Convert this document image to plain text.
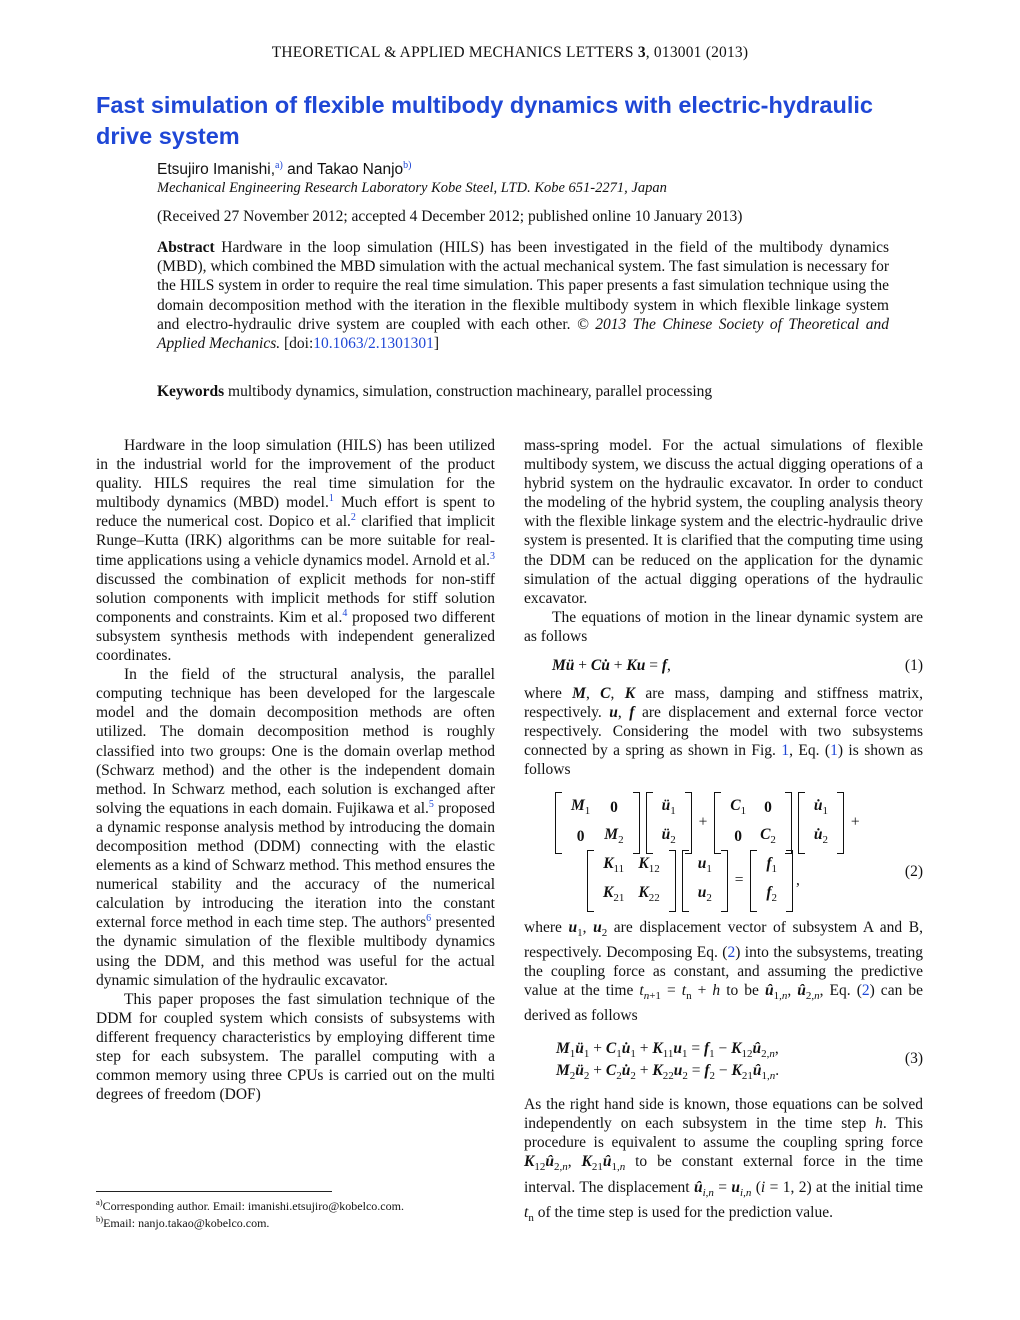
THEORETICAL & APPLIED MECHANICS LETTERS 3, 013001 (2013)
Fast simulation of flexible multibody dynamics with electric-hydraulic drive system
Etsujiro Imanishi,$^{a)}$ and Takao Nanjo$^{b)}$
Mechanical Engineering Research Laboratory Kobe Steel, LTD. Kobe 651-2271, Japan
(Received 27 November 2012; accepted 4 December 2012; published online 10 January 2013)
Abstract Hardware in the loop simulation (HILS) has been investigated in the field of the multibody dynamics (MBD), which combined the MBD simulation with the actual mechanical system. The fast simulation is necessary for the HILS system in order to require the real time simulation. This paper presents a fast simulation technique using the domain decomposition method with the iteration in the flexible multibody system in which flexible linkage system and electro-hydraulic drive system are coupled with each other. © 2013 The Chinese Society of Theoretical and Applied Mechanics. [doi:10.1063/2.1301301]
Keywords multibody dynamics, simulation, construction machineary, parallel processing

Hardware in the loop simulation (HILS) has been utilized in the industrial world for the improvement of the product quality. HILS requires the real time simulation for the multibody dynamics (MBD) model.$^1$ Much effort is spent to reduce the numerical cost. Dopico et al.$^2$ clarified that implicit Runge–Kutta (IRK) algorithms can be more suitable for real-time applications using a vehicle dynamics model. Arnold et al.$^3$ discussed the combination of explicit methods for non-stiff solution components with implicit methods for stiff solution components and constraints. Kim et al.$^4$ proposed two different subsystem synthesis methods with independent generalized coordinates.

In the field of the structural analysis, the parallel computing technique has been developed for the largescale model and the domain decomposition methods are often utilized. The domain decomposition method is roughly classified into two groups: One is the domain overlap method (Schwarz method) and the other is the independent domain method. In Schwarz method, each solution is exchanged after solving the equations in each domain. Fujikawa et al.$^5$ proposed a dynamic response analysis method by introducing the domain decomposition method (DDM) connecting with the elastic elements as a kind of Schwarz method. This method ensures the numerical stability and the accuracy of the numerical calculation by introducing the iteration into the constant external force method in each time step. The authors$^6$ presented the dynamic simulation of the flexible multibody dynamics using the DDM, and this method was useful for the actual dynamic simulation of the hydraulic excavator.

This paper proposes the fast simulation technique of the DDM for coupled system which consists of subsystems with different frequency characteristics by employing different time step for each subsystem. The parallel computing with a common memory using three CPUs is carried out on the multi degrees of freedom (DOF)

$^{a)}$Corresponding author. Email: imanishi.etsujiro@kobelco.com.
$^{b)}$Email: nanjo.takao@kobelco.com.

mass-spring model. For the actual simulations of flexible multibody system, we discuss the actual digging operations of a hybrid system on the hydraulic excavator. In order to conduct the modeling of the hybrid system, the coupling analysis theory with the flexible linkage system and the electric-hydraulic drive system is presented. It is clarified that the computing time using the DDM can be reduced on the application for the dynamic simulation of the actual digging operations of the hydraulic excavator.

The equations of motion in the linear dynamic system are as follows

Mü + Cu̇ + Ku = f,	(1)

where M, C, K are mass, damping and stiffness matrix, respectively. u, f are displacement and external force vector respectively. Considering the model with two subsystems connected by a spring as shown in Fig. 1, Eq. (1) is shown as follows

$M_1$	0
0	$M_2$
$ü_1$
$ü_2$
+
$C_1$	0
0	$C_2$
$u̇_1$
$u̇_2$
+
$K_{11}$	$K_{12}$
$K_{21}$	$K_{22}$
$u_1$
$u_2$
=
$f_1$
$f_2$
,
(2)

where $u_1$, $u_2$ are displacement vector of subsystem A and B, respectively. Decomposing Eq. (2) into the subsystems, treating the coupling force as constant, and assuming the predictive value at the time $t_{n+1} = t_n + h$ to be $û_{1,n}$, $û_{2,n}$, Eq. (2) can be derived as follows

$M_1ü_1$ + $C_1u̇_1 + K_{11}u_1 = f_1$ − $K_{12}û_{2,n}$,
$M_2ü_2$ + $C_2u̇_2 + K_{22}u_2 = f_2$ − $K_{21}û_{1,n}$.
(3)

As the right hand side is known, those equations can be solved independently on each subsystem in the time step h. This procedure is equivalent to assume the coupling spring force $K_{12}û_{2,n}$, $K_{21}û_{1,n}$ to be constant external force in the time interval. The displacement $û_{i,n} = u_{i,n}$ (i = 1, 2) at the initial time $t_n$ of the time step is used for the prediction value.
